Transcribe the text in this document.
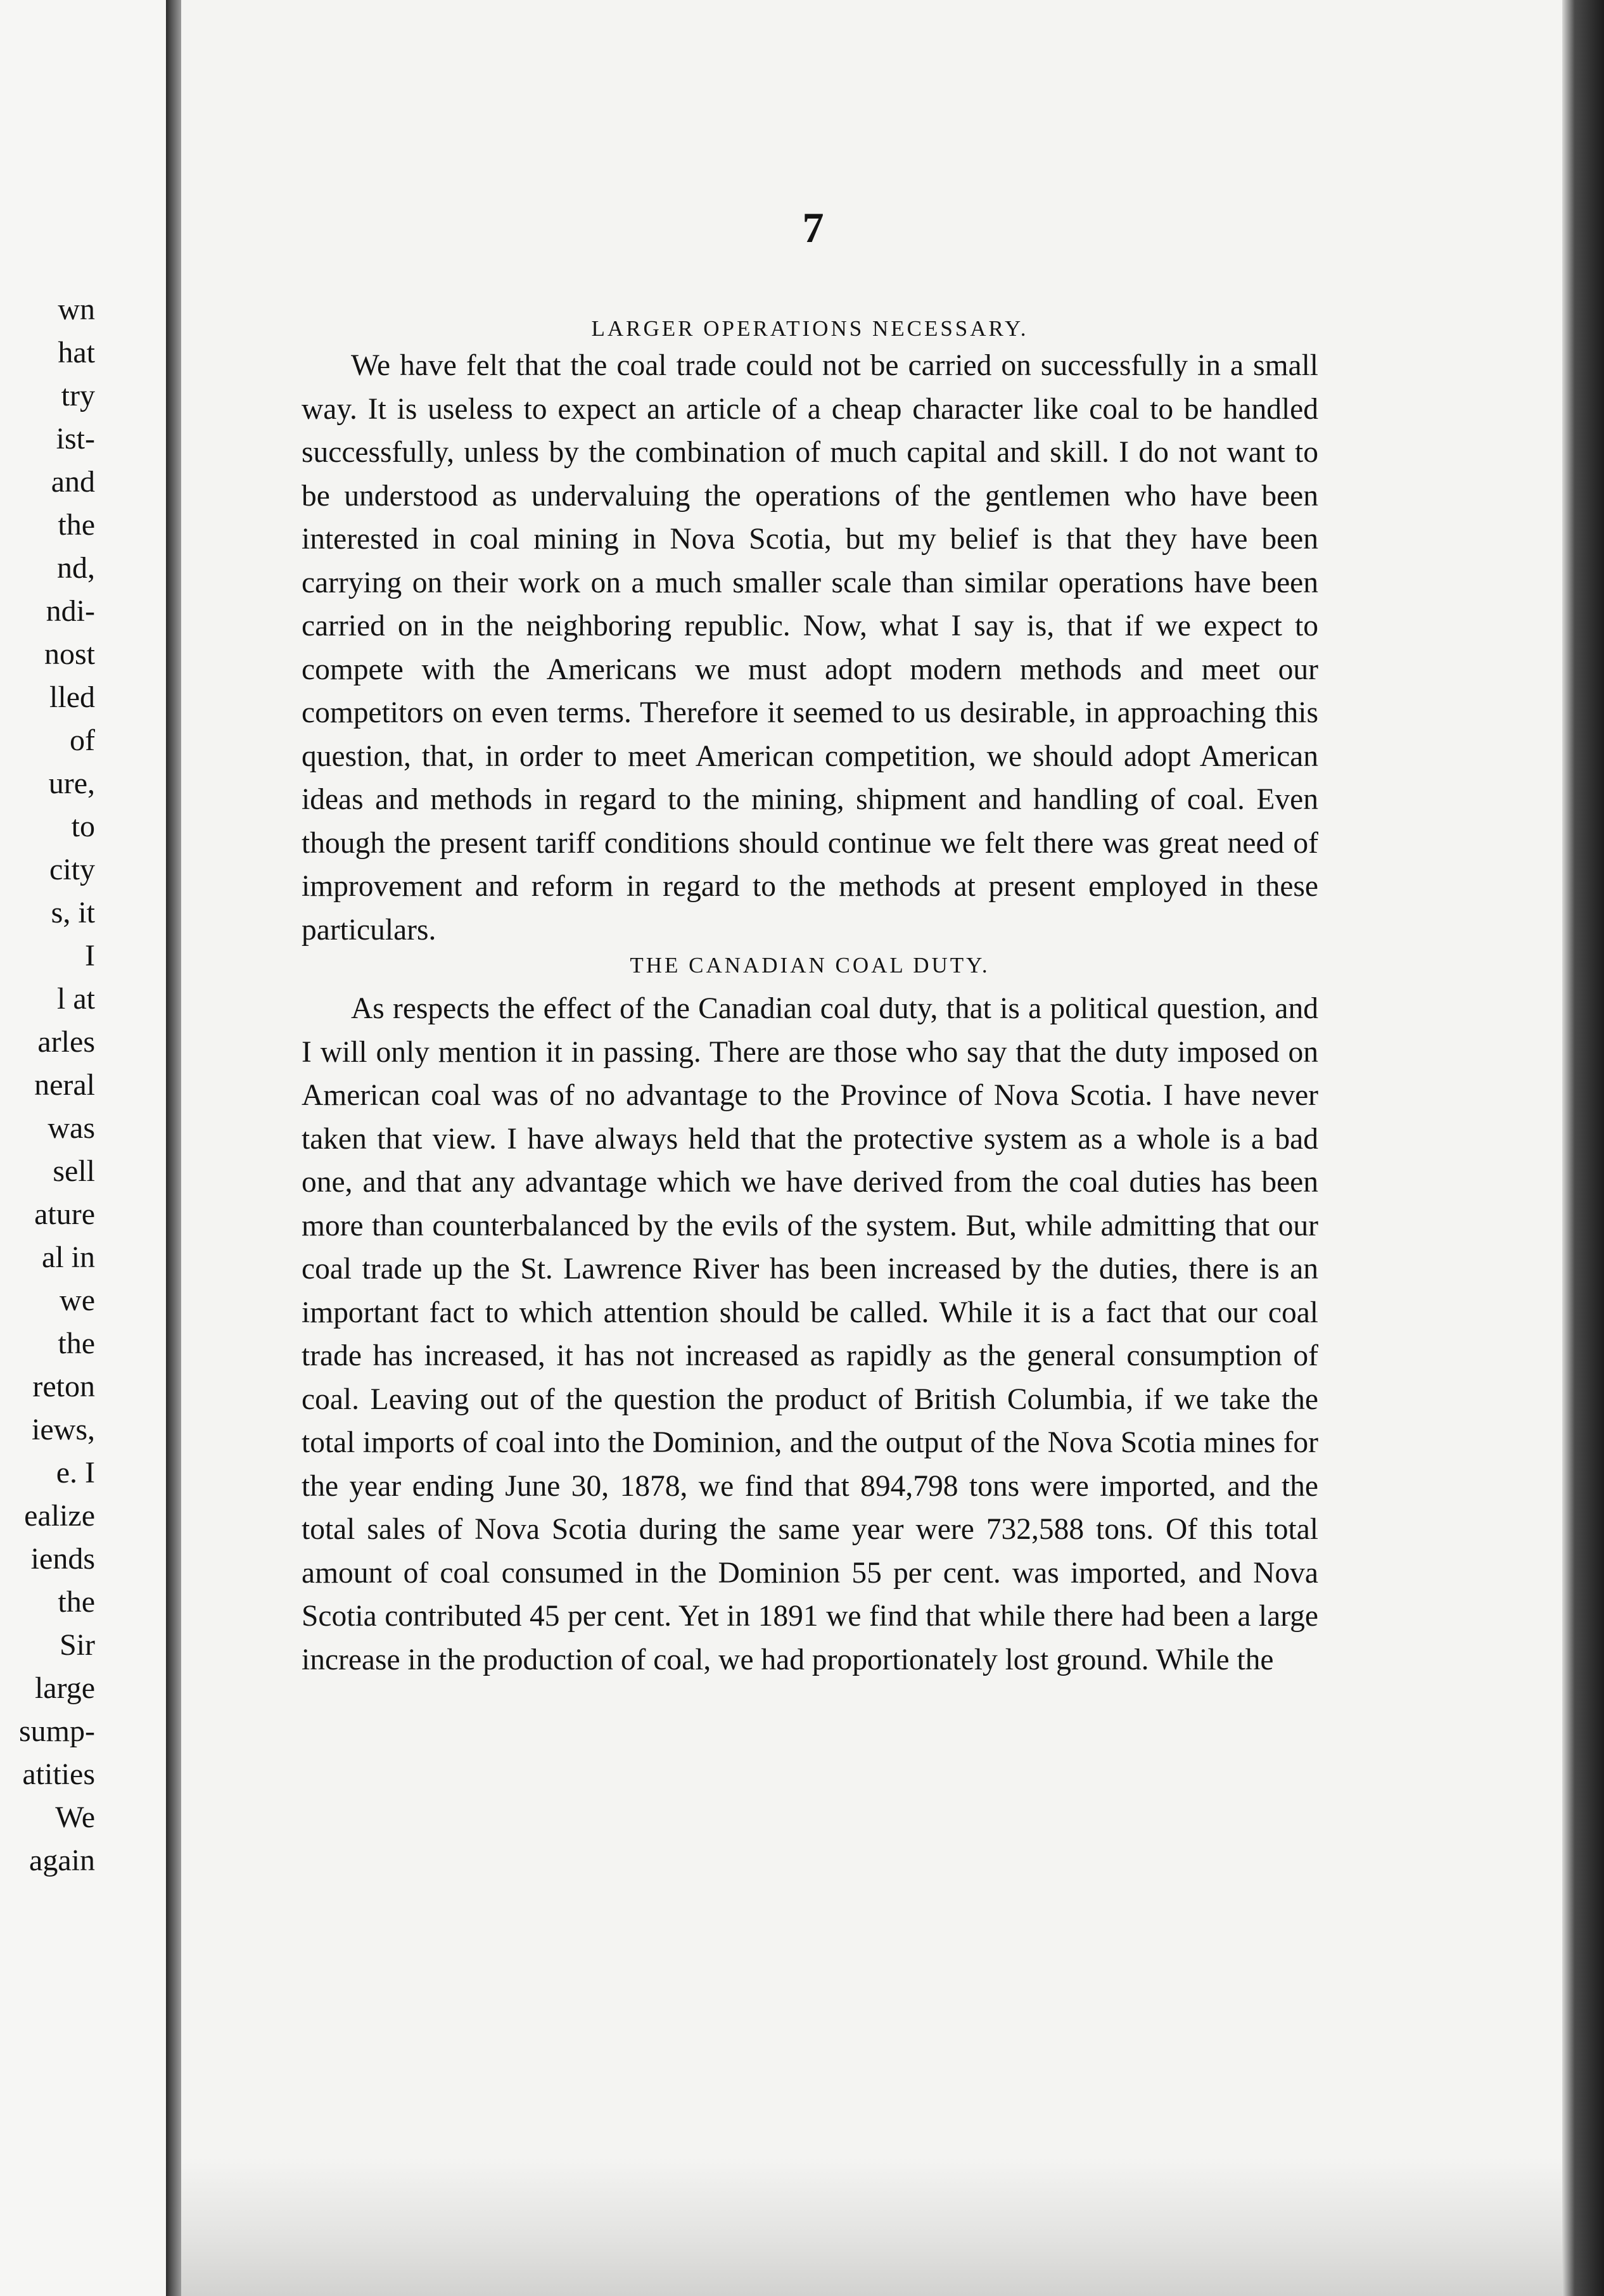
wn
hat
try
ist-
and
the
nd,
ndi-
nost
lled
of
ure,
to
city
s, it
I
l at
arles
neral
was
sell
ature
al in
we
the
reton
iews,
e. I
ealize
iends
the
Sir
large
sump-
atities
We
again
7
LARGER OPERATIONS NECESSARY.

We have felt that the coal trade could not be carried on successfully in a small way. It is useless to expect an article of a cheap character like coal to be handled successfully, unless by the combination of much capital and skill. I do not want to be understood as undervaluing the operations of the gentlemen who have been interested in coal mining in Nova Scotia, but my belief is that they have been carrying on their work on a much smaller scale than similar operations have been carried on in the neighboring republic. Now, what I say is, that if we expect to compete with the Americans we must adopt modern methods and meet our competitors on even terms. Therefore it seemed to us desirable, in approaching this question, that, in order to meet American competition, we should adopt American ideas and methods in regard to the mining, shipment and handling of coal. Even though the present tariff conditions should continue we felt there was great need of improvement and reform in regard to the methods at present employed in these particulars.

THE CANADIAN COAL DUTY.

As respects the effect of the Canadian coal duty, that is a political question, and I will only mention it in passing. There are those who say that the duty imposed on American coal was of no advantage to the Province of Nova Scotia. I have never taken that view. I have always held that the protective system as a whole is a bad one, and that any advantage which we have derived from the coal duties has been more than counterbalanced by the evils of the system. But, while admitting that our coal trade up the St. Lawrence River has been increased by the duties, there is an important fact to which attention should be called. While it is a fact that our coal trade has increased, it has not increased as rapidly as the general consumption of coal. Leaving out of the question the product of British Columbia, if we take the total imports of coal into the Dominion, and the output of the Nova Scotia mines for the year ending June 30, 1878, we find that 894,798 tons were imported, and the total sales of Nova Scotia during the same year were 732,588 tons. Of this total amount of coal consumed in the Dominion 55 per cent. was imported, and Nova Scotia contributed 45 per cent. Yet in 1891 we find that while there had been a large increase in the production of coal, we had proportionately lost ground. While the
